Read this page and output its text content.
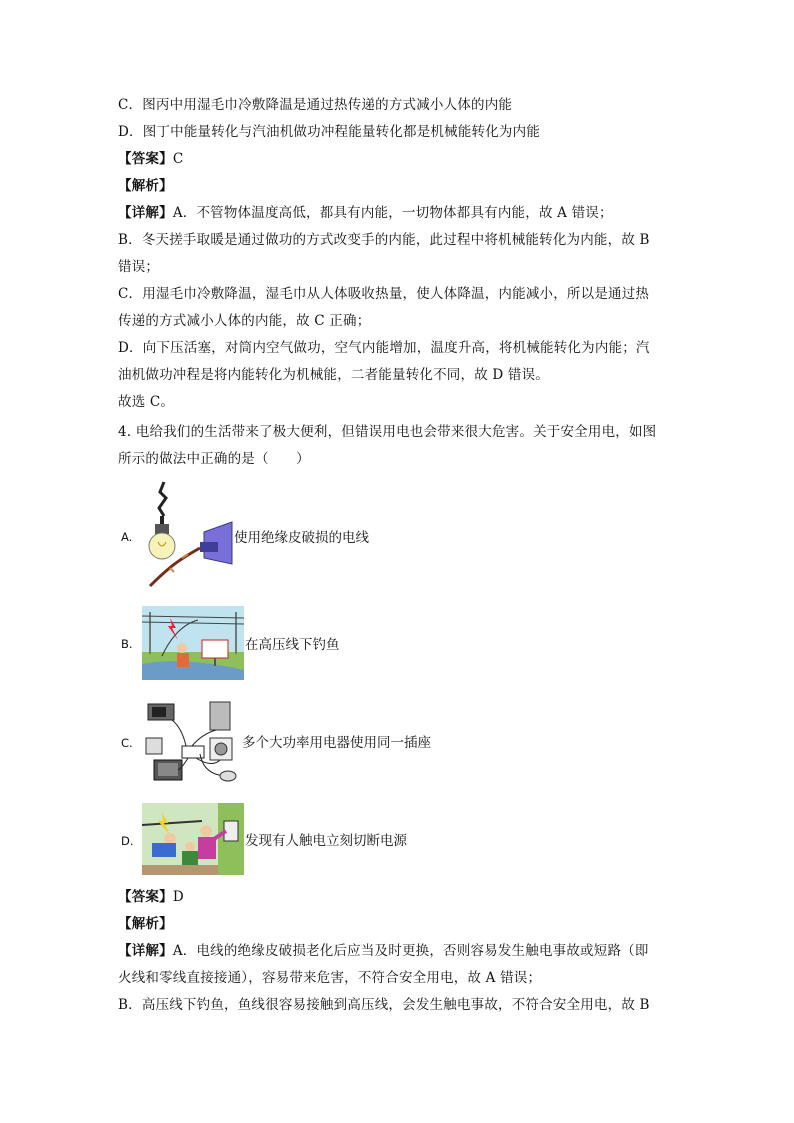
C．图丙中用湿毛巾冷敷降温是通过热传递的方式减小人体的内能
D．图丁中能量转化与汽油机做功冲程能量转化都是机械能转化为内能
【答案】C
【解析】
【详解】A．不管物体温度高低，都具有内能，一切物体都具有内能，故 A 错误；
B．冬天搓手取暖是通过做功的方式改变手的内能，此过程中将机械能转化为内能，故 B
错误；
C．用湿毛巾冷敷降温，湿毛巾从人体吸收热量，使人体降温，内能减小，所以是通过热
传递的方式减小人体的内能，故 C 正确；
D．向下压活塞，对筒内空气做功，空气内能增加，温度升高，将机械能转化为内能；汽
油机做功冲程是将内能转化为机械能，二者能量转化不同，故 D 错误。
故选 C。
4. 电给我们的生活带来了极大便利，但错误用电也会带来很大危害。关于安全用电，如图
所示的做法中正确的是（　　）
A.	使用绝缘皮破损的电线
B.	在高压线下钓鱼
C.	多个大功率用电器使用同一插座
D.	发现有人触电立刻切断电源
【答案】D
【解析】
【详解】A．电线的绝缘皮破损老化后应当及时更换，否则容易发生触电事故或短路（即
火线和零线直接接通），容易带来危害，不符合安全用电，故 A 错误；
B．高压线下钓鱼，鱼线很容易接触到高压线，会发生触电事故，不符合安全用电，故 B
